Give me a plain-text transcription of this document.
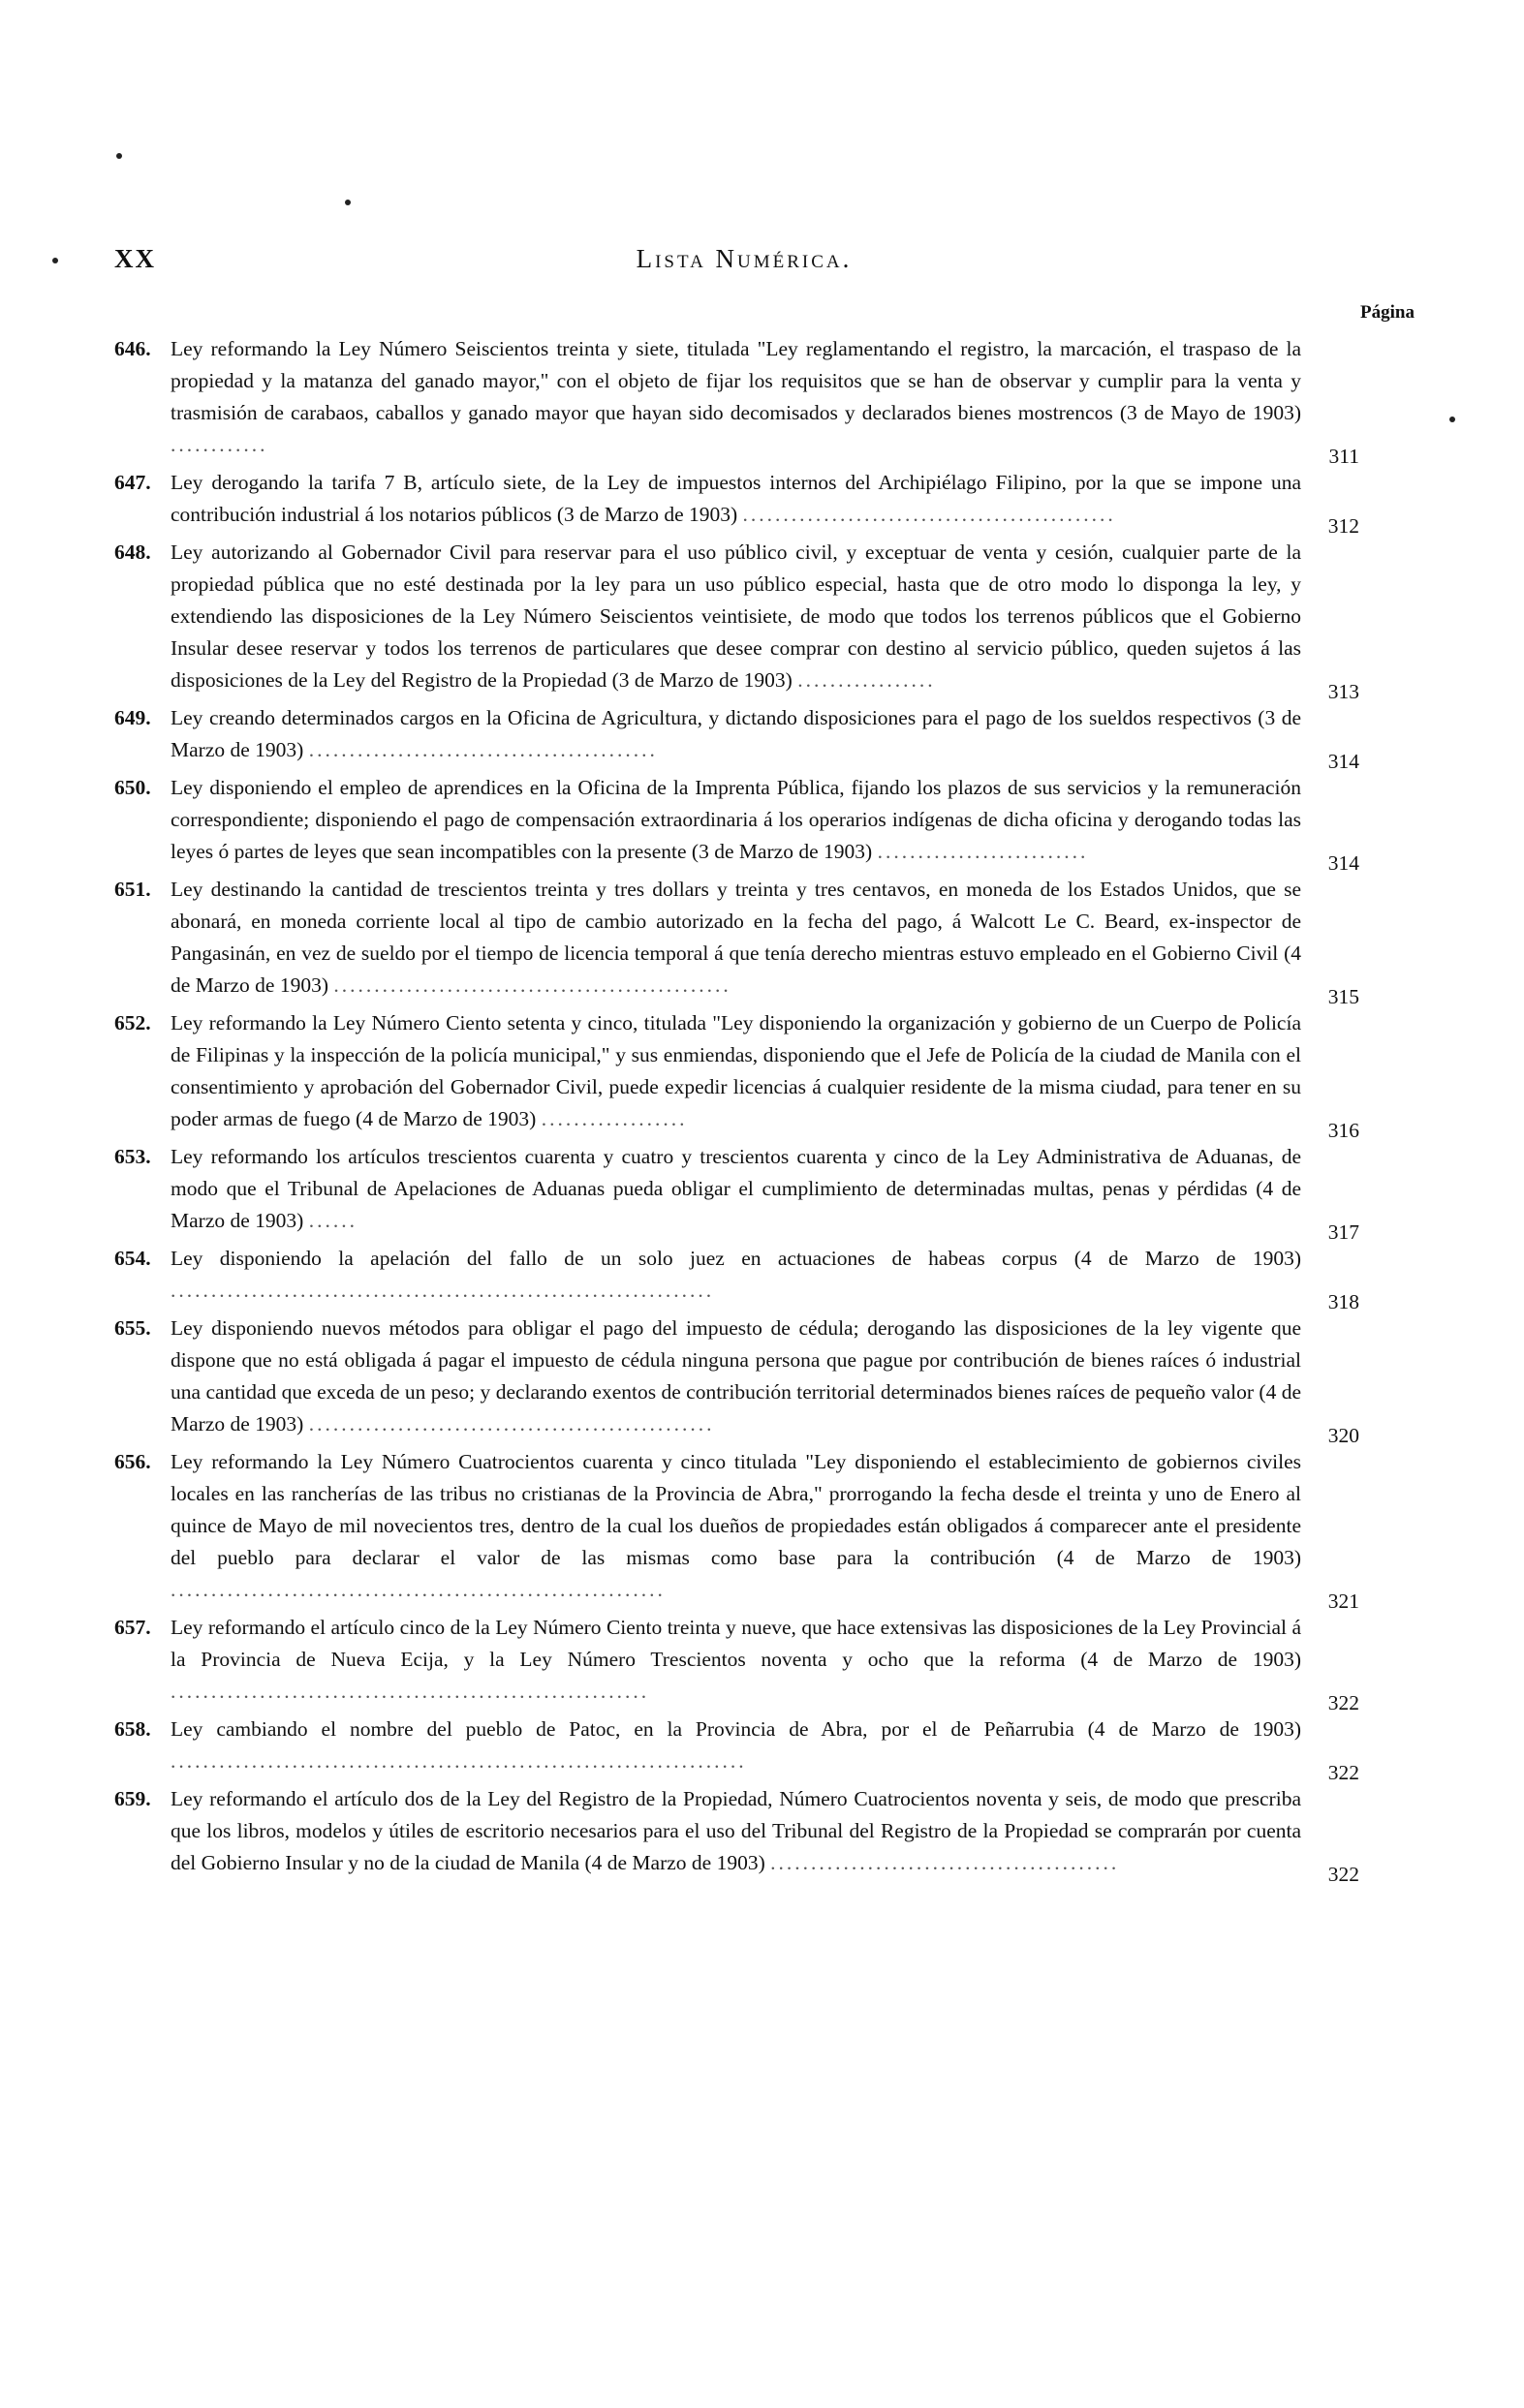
XX	Lista Numérica.
Página
646. Ley reformando la Ley Número Seiscientos treinta y siete, titulada "Ley reglamentando el registro, la marcación, el traspaso de la propiedad y la matanza del ganado mayor," con el objeto de fijar los requisitos que se han de observar y cumplir para la venta y trasmisión de carabaos, caballos y ganado mayor que hayan sido decomisados y declarados bienes mostrencos (3 de Mayo de 1903) ............	311
647. Ley derogando la tarifa 7 B, artículo siete, de la Ley de impuestos internos del Archipiélago Filipino, por la que se impone una contribución industrial á los notarios públicos (3 de Marzo de 1903) ..............................................	312
648. Ley autorizando al Gobernador Civil para reservar para el uso público civil, y exceptuar de venta y cesión, cualquier parte de la propiedad pública que no esté destinada por la ley para un uso público especial, hasta que de otro modo lo disponga la ley, y extendiendo las disposiciones de la Ley Número Seiscientos veintisiete, de modo que todos los terrenos públicos que el Gobierno Insular desee reservar y todos los terrenos de particulares que desee comprar con destino al servicio público, queden sujetos á las disposiciones de la Ley del Registro de la Propiedad (3 de Marzo de 1903) .................	313
649. Ley creando determinados cargos en la Oficina de Agricultura, y dictando disposiciones para el pago de los sueldos respectivos (3 de Marzo de 1903) ...........................................	314
650. Ley disponiendo el empleo de aprendices en la Oficina de la Imprenta Pública, fijando los plazos de sus servicios y la remuneración correspondiente; disponiendo el pago de compensación extraordinaria á los operarios indígenas de dicha oficina y derogando todas las leyes ó partes de leyes que sean incompatibles con la presente (3 de Marzo de 1903) ..........................	314
651. Ley destinando la cantidad de trescientos treinta y tres dollars y treinta y tres centavos, en moneda de los Estados Unidos, que se abonará, en moneda corriente local al tipo de cambio autorizado en la fecha del pago, á Walcott Le C. Beard, ex-inspector de Pangasinán, en vez de sueldo por el tiempo de licencia temporal á que tenía derecho mientras estuvo empleado en el Gobierno Civil (4 de Marzo de 1903) .................................................	315
652. Ley reformando la Ley Número Ciento setenta y cinco, titulada "Ley disponiendo la organización y gobierno de un Cuerpo de Policía de Filipinas y la inspección de la policía municipal," y sus enmiendas, disponiendo que el Jefe de Policía de la ciudad de Manila con el consentimiento y aprobación del Gobernador Civil, puede expedir licencias á cualquier residente de la misma ciudad, para tener en su poder armas de fuego (4 de Marzo de 1903) ..................	316
653. Ley reformando los artículos trescientos cuarenta y cuatro y trescientos cuarenta y cinco de la Ley Administrativa de Aduanas, de modo que el Tribunal de Apelaciones de Aduanas pueda obligar el cumplimiento de determinadas multas, penas y pérdidas (4 de Marzo de 1903) ......	317
654. Ley disponiendo la apelación del fallo de un solo juez en actuaciones de habeas corpus (4 de Marzo de 1903) ...................................................................	318
655. Ley disponiendo nuevos métodos para obligar el pago del impuesto de cédula; derogando las disposiciones de la ley vigente que dispone que no está obligada á pagar el impuesto de cédula ninguna persona que pague por contribución de bienes raíces ó industrial una cantidad que exceda de un peso; y declarando exentos de contribución territorial determinados bienes raíces de pequeño valor (4 de Marzo de 1903) ..................................................	320
656. Ley reformando la Ley Número Cuatrocientos cuarenta y cinco titulada "Ley disponiendo el establecimiento de gobiernos civiles locales en las rancherías de las tribus no cristianas de la Provincia de Abra," prorrogando la fecha desde el treinta y uno de Enero al quince de Mayo de mil novecientos tres, dentro de la cual los dueños de propiedades están obligados á comparecer ante el presidente del pueblo para declarar el valor de las mismas como base para la contribución (4 de Marzo de 1903) .............................................................	321
657. Ley reformando el artículo cinco de la Ley Número Ciento treinta y nueve, que hace extensivas las disposiciones de la Ley Provincial á la Provincia de Nueva Ecija, y la Ley Número Trescientos noventa y ocho que la reforma (4 de Marzo de 1903) ...........................................................	322
658. Ley cambiando el nombre del pueblo de Patoc, en la Provincia de Abra, por el de Peñarrubia (4 de Marzo de 1903) .......................................................................	322
659. Ley reformando el artículo dos de la Ley del Registro de la Propiedad, Número Cuatrocientos noventa y seis, de modo que prescriba que los libros, modelos y útiles de escritorio necesarios para el uso del Tribunal del Registro de la Propiedad se comprarán por cuenta del Gobierno Insular y no de la ciudad de Manila (4 de Marzo de 1903) ...........................................	322
